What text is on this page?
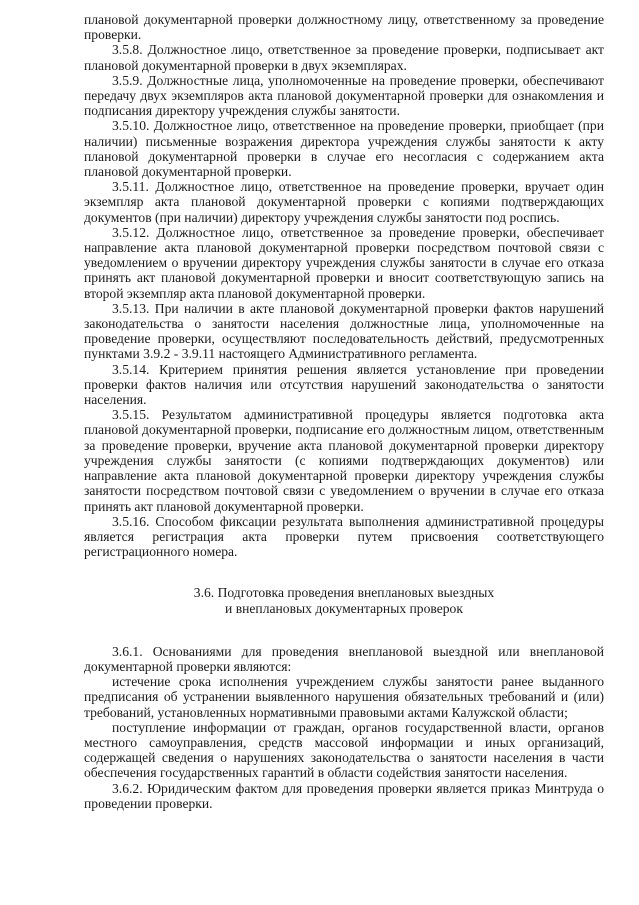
плановой документарной проверки должностному лицу, ответственному за проведение проверки.

3.5.8. Должностное лицо, ответственное за проведение проверки, подписывает акт плановой документарной проверки в двух экземплярах.

3.5.9. Должностные лица, уполномоченные на проведение проверки, обеспечивают передачу двух экземпляров акта плановой документарной проверки для ознакомления и подписания директору учреждения службы занятости.

3.5.10. Должностное лицо, ответственное на проведение проверки, приобщает (при наличии) письменные возражения директора учреждения службы занятости к акту плановой документарной проверки в случае его несогласия с содержанием акта плановой документарной проверки.

3.5.11. Должностное лицо, ответственное на проведение проверки, вручает один экземпляр акта плановой документарной проверки с копиями подтверждающих документов (при наличии) директору учреждения службы занятости под роспись.

3.5.12. Должностное лицо, ответственное за проведение проверки, обеспечивает направление акта плановой документарной проверки посредством почтовой связи с уведомлением о вручении директору учреждения службы занятости в случае его отказа принять акт плановой документарной проверки и вносит соответствующую запись на второй экземпляр акта плановой документарной проверки.

3.5.13. При наличии в акте плановой документарной проверки фактов нарушений законодательства о занятости населения должностные лица, уполномоченные на проведение проверки, осуществляют последовательность действий, предусмотренных пунктами 3.9.2 - 3.9.11 настоящего Административного регламента.

3.5.14. Критерием принятия решения является установление при проведении проверки фактов наличия или отсутствия нарушений законодательства о занятости населения.

3.5.15. Результатом административной процедуры является подготовка акта плановой документарной проверки, подписание его должностным лицом, ответственным за проведение проверки, вручение акта плановой документарной проверки директору учреждения службы занятости (с копиями подтверждающих документов) или направление акта плановой документарной проверки директору учреждения службы занятости посредством почтовой связи с уведомлением о вручении в случае его отказа принять акт плановой документарной проверки.

3.5.16. Способом фиксации результата выполнения административной процедуры является регистрация акта проверки путем присвоения соответствующего регистрационного номера.

3.6. Подготовка проведения внеплановых выездных
и внеплановых документарных проверок

3.6.1. Основаниями для проведения внеплановой выездной или внеплановой документарной проверки являются:

истечение срока исполнения учреждением службы занятости ранее выданного предписания об устранении выявленного нарушения обязательных требований и (или) требований, установленных нормативными правовыми актами Калужской области;

поступление информации от граждан, органов государственной власти, органов местного самоуправления, средств массовой информации и иных организаций, содержащей сведения о нарушениях законодательства о занятости населения в части обеспечения государственных гарантий в области содействия занятости населения.

3.6.2. Юридическим фактом для проведения проверки является приказ Минтруда о проведении проверки.
